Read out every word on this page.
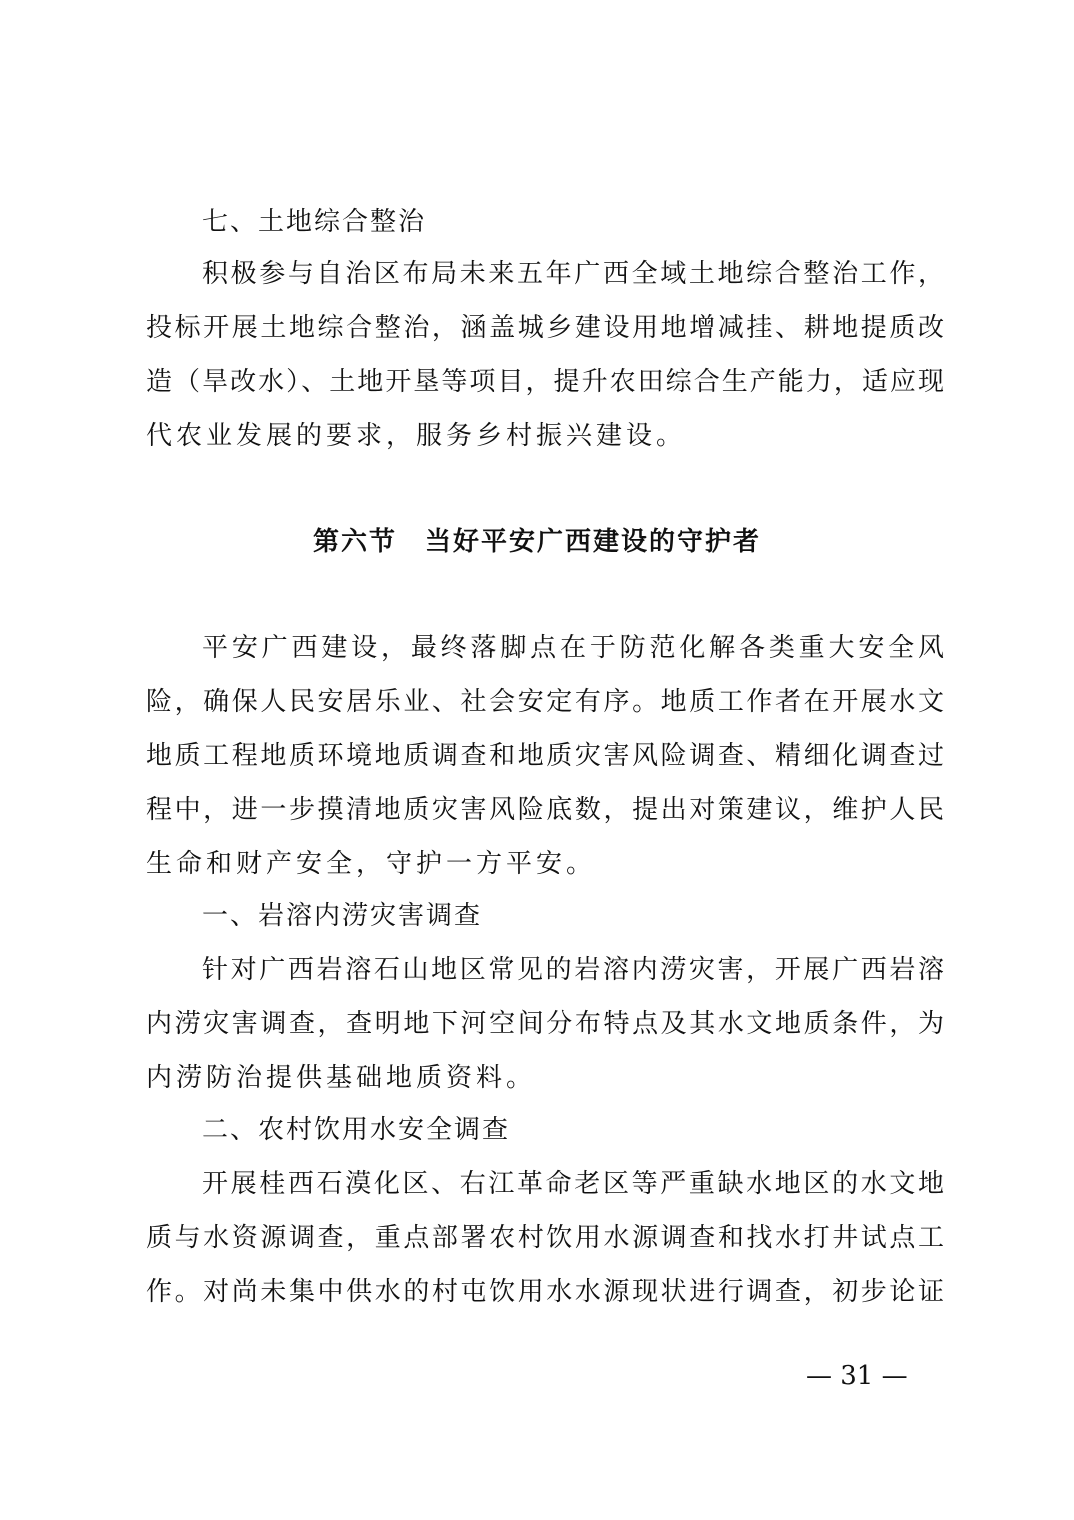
七、土地综合整治
积极参与自治区布局未来五年广西全域土地综合整治工作，
投标开展土地综合整治，涵盖城乡建设用地增减挂、耕地提质改
造（旱改水）、土地开垦等项目，提升农田综合生产能力，适应现
代农业发展的要求，服务乡村振兴建设。
第六节　当好平安广西建设的守护者
平安广西建设，最终落脚点在于防范化解各类重大安全风
险，确保人民安居乐业、社会安定有序。地质工作者在开展水文
地质工程地质环境地质调查和地质灾害风险调查、精细化调查过
程中，进一步摸清地质灾害风险底数，提出对策建议，维护人民
生命和财产安全，守护一方平安。
一、岩溶内涝灾害调查
针对广西岩溶石山地区常见的岩溶内涝灾害，开展广西岩溶
内涝灾害调查，查明地下河空间分布特点及其水文地质条件，为
内涝防治提供基础地质资料。
二、农村饮用水安全调查
开展桂西石漠化区、右江革命老区等严重缺水地区的水文地
质与水资源调查，重点部署农村饮用水源调查和找水打井试点工
作。对尚未集中供水的村屯饮用水水源现状进行调查，初步论证
— 31 —
